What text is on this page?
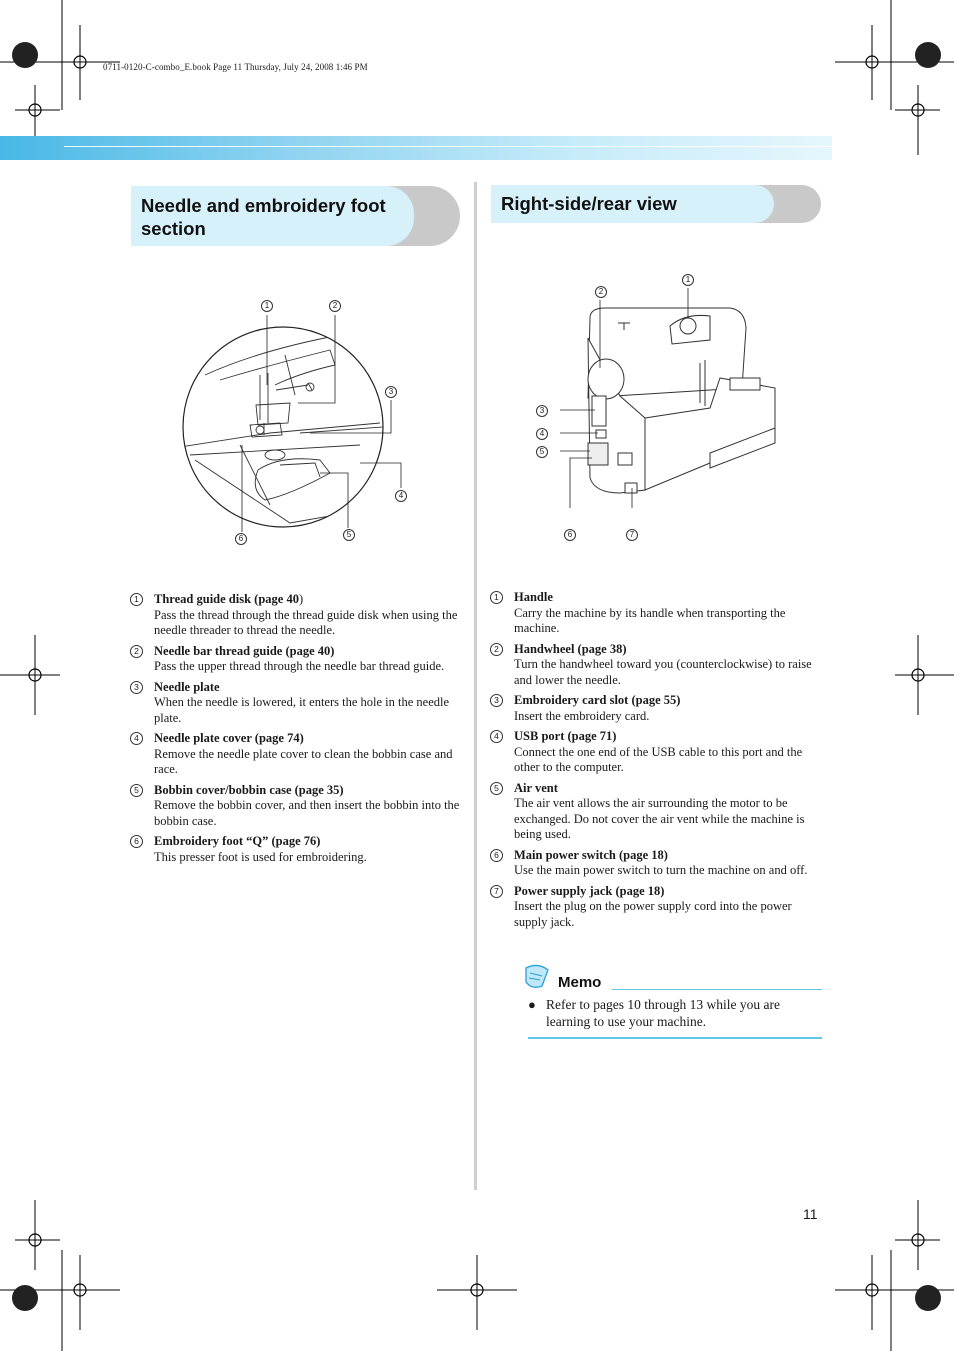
0711-0120-C-combo_E.book Page 11 Thursday, July 24, 2008 1:46 PM
Needle and embroidery foot section
Right-side/rear view
1	2
3
4
5
6
1
2
3
4
5
6	7
1	Thread guide disk (page 40)
Pass the thread through the thread guide disk when using the needle threader to thread the needle.
2	Needle bar thread guide (page 40)
Pass the upper thread through the needle bar thread guide.
3	Needle plate
When the needle is lowered, it enters the hole in the needle plate.
4	Needle plate cover (page 74)
Remove the needle plate cover to clean the bobbin case and race.
5	Bobbin cover/bobbin case (page 35)
Remove the bobbin cover, and then insert the bobbin into the bobbin case.
6	Embroidery foot “Q” (page 76)
This presser foot is used for embroidering.
1	Handle
Carry the machine by its handle when transporting the machine.
2	Handwheel (page 38)
Turn the handwheel toward you (counterclockwise) to raise and lower the needle.
3	Embroidery card slot (page 55)
Insert the embroidery card.
4	USB port (page 71)
Connect the one end of the USB cable to this port and the other to the computer.
5	Air vent
The air vent allows the air surrounding the motor to be exchanged. Do not cover the air vent while the machine is being used.
6	Main power switch (page 18)
Use the main power switch to turn the machine on and off.
7	Power supply jack (page 18)
Insert the plug on the power supply cord into the power supply jack.
Memo
● Refer to pages 10 through 13 while you are learning to use your machine.
11
